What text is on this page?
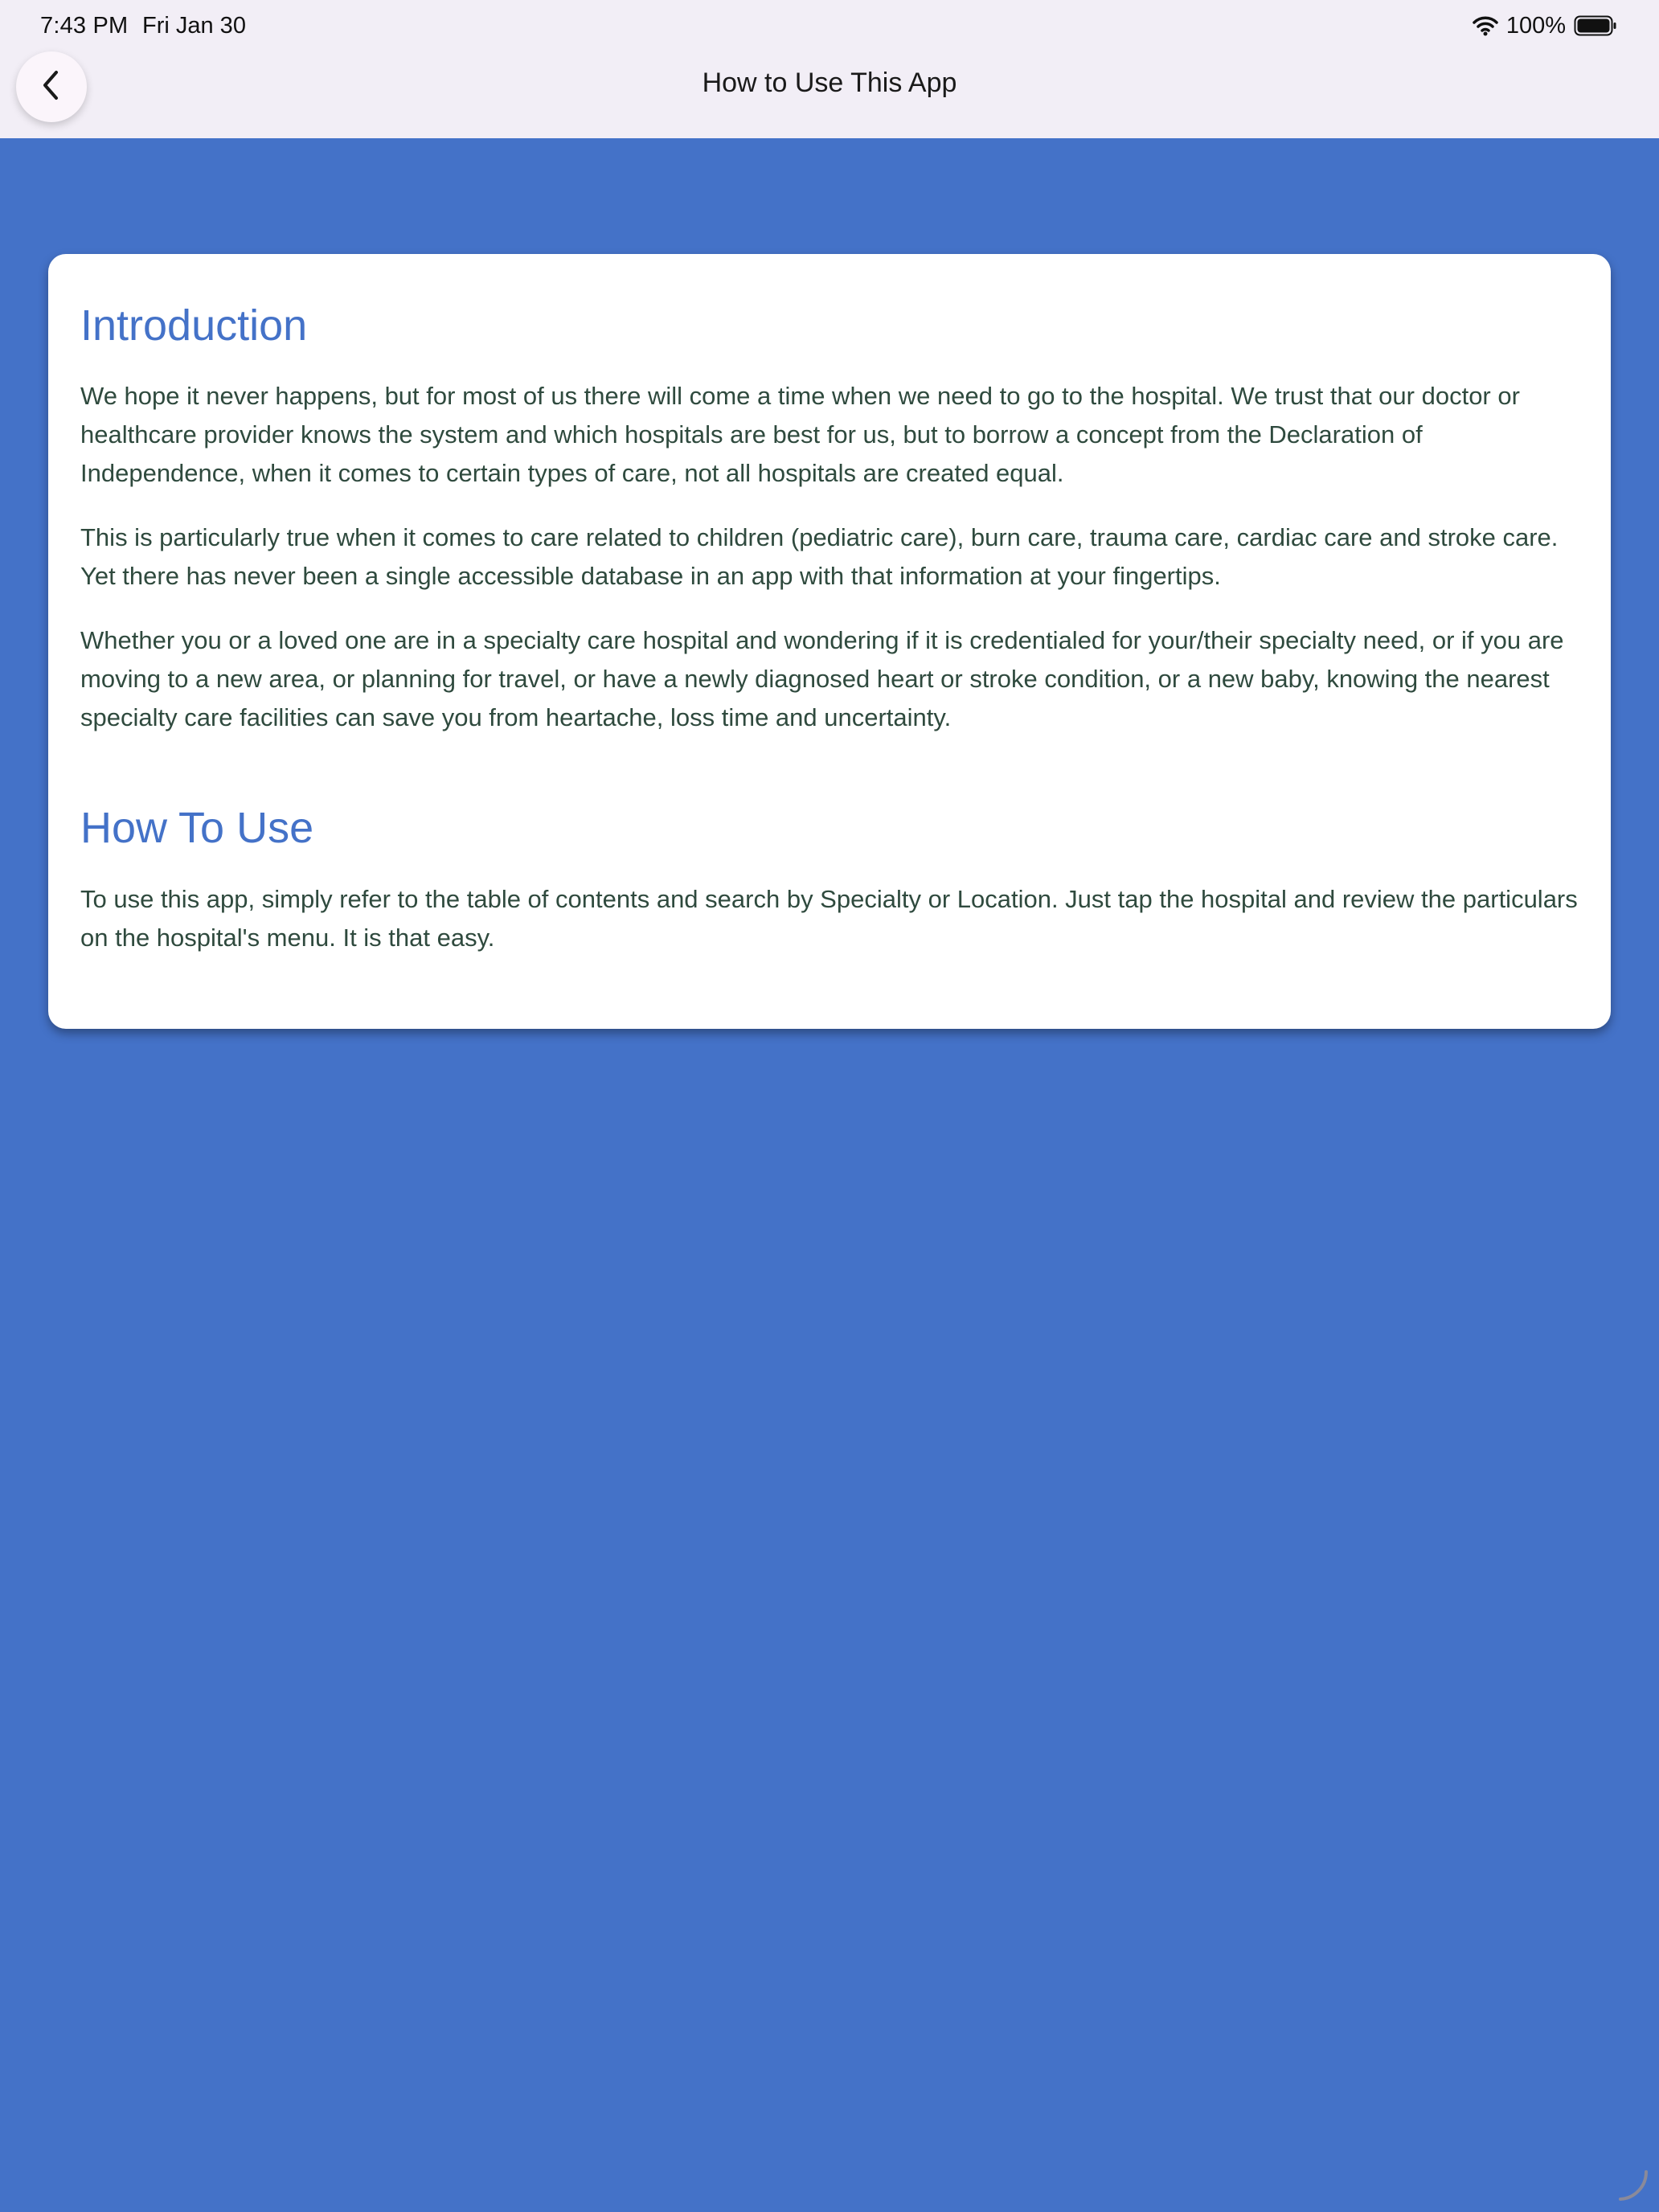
7:43 PM Fri Jan 30	100%
How to Use This App
Introduction

We hope it never happens, but for most of us there will come a time when we need to go to the hospital. We trust that our doctor or healthcare provider knows the system and which hospitals are best for us, but to borrow a concept from the Declaration of Independence, when it comes to certain types of care, not all hospitals are created equal.

This is particularly true when it comes to care related to children (pediatric care), burn care, trauma care, cardiac care and stroke care. Yet there has never been a single accessible database in an app with that information at your fingertips.

Whether you or a loved one are in a specialty care hospital and wondering if it is credentialed for your/their specialty need, or if you are moving to a new area, or planning for travel, or have a newly diagnosed heart or stroke condition, or a new baby, knowing the nearest specialty care facilities can save you from heartache, loss time and uncertainty.

How To Use

To use this app, simply refer to the table of contents and search by Specialty or Location. Just tap the hospital and review the particulars on the hospital's menu. It is that easy.
